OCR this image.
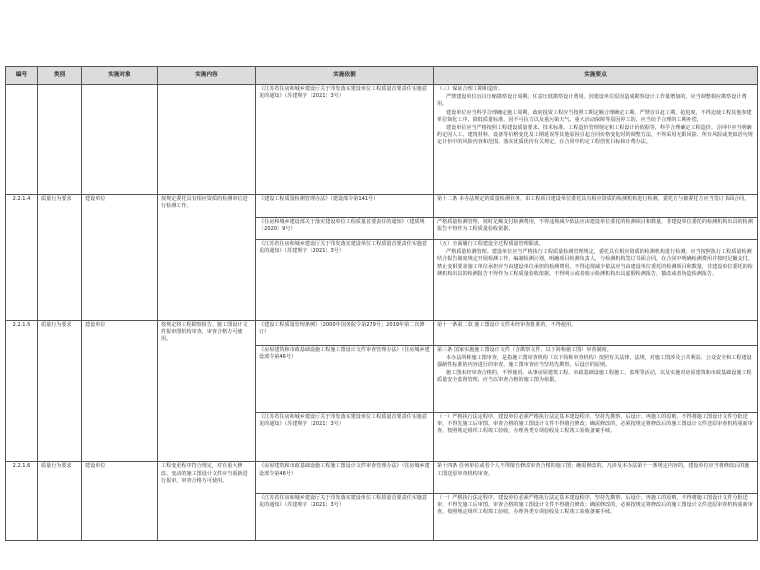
编号	类别	实施对象	实施内容	实施依据	实施要点

				《江苏省住房和城乡建设厅关于印发落实建设单位工程质量首要责任实施意见的通知》（苏建规字〔2021〕3号）	（三）保证合理工期和造价。
严禁建设单位盲目压缩勘察设计周期、任意压低勘察设计费用。因建设单位原因造成勘察设计工作量增加的，应当调整相应勘察设计费用。
建设单位应当科学合理确定施工周期，政府投资工程应当按照工期定额合理确定工期。严禁盲目赶工期、抢进度，不得迫使工程其他参建单位简化工序、降低质量标准。因不可抗力以及重污染天气、重大活动保障等原因停工的，应当给予合理的工期补偿。
建设单位应当严格按照工程建设质量要求、技术标准、工程造价管理规定和工程设计价依据等，科学合理确定工程造价。合同中应当明确约定因人工、建筑材料、设备等价格变化及工期延误等其他原因引起合同价格变化时的调整方法，不得采用无限风险、所有风险或类似语句规定计价中的风险内容和范围。落实优质优价有关规定，在合同中约定工程创优目标和计费办法。

2.2.1.4	质量行为要求	建设单位	按规定委托具有相应资质的检测单位进行检测工作。	《建设工程质量检测管理办法》（建设部令第141号）	第十二条 本办法规定的质量检测业务，由工程项目建设单位委托具有相应资质的检测机构进行检测。委托方与被委托方应当签订书面合同。
				《住房和城乡建设部关于落实建设单位工程质量首要责任的通知》（建质规〔2020〕9号）	严格质量检测管理，按时足额支付检测费用，不得违规减少依法应由建设单位委托的检测项目和数量，非建设单位委托的检测机构出具的检测报告不得作为工程质量验收依据。
				《江苏省住房和城乡建设厅关于印发落实建设单位工程质量首要责任实施意见的通知》（苏建规字〔2021〕3号）	（五）全面履行工程建设全过程质量管理职责。
严格质量检测管理。建设单位应当严格执行工程质量检测管理规定，委托具有相应资质的检测机构进行检测。应当按照执行工程质量检测结合报告制度规定开展检测工作，编制检测计划，明确项目检测负责人，与检测机构签订书面合同，在合同中明确检测费用并按时足额支付。禁止变相要求施工单位承担应当由建设单位承担的检测费用，不得违规减少依法应当由建设单位委托的检测项目和数量，非建设单位委托的检测机构出具的检测报告不得作为工程质量验收依据。不得明示或者暗示检测机构出具虚假检测报告，篡改或者伪造检测报告。

2.2.1.5	质量行为要求	建设单位	按规定将工程勘察报告、施工图设计文件报审图机构审查，审查合格方可使用。	《建设工程质量管理条例》（2000年国务院令第279号；2019年第二次修订）	第十一条第二款 施工图设计文件未经审查批准的，不得使用。
				《房屋建筑和市政基础设施工程施工图设计文件审查管理办法》（住房城乡建设部令第46号）	第三条 国家实施施工图设计文件（含勘察文件，以下简称施工图）审查制度。
本办法所称施工图审查，是指施工图审查机构（以下简称审查机构）按照有关法律、法规，对施工图涉及公共利益、公众安全和工程建设强制性标准的内容进行的审查。施工图审查应当坚持先勘察、后设计的原则。
施工图未经审查合格的，不得使用。从事房屋建筑工程、市政基础设施工程施工、监理等活动，以及实施对房屋建筑和市政基础设施工程质量安全监督管理，应当以审查合格的施工图为依据。

				《江苏省住房和城乡建设厅关于印发落实建设单位工程质量首要责任实施意见的通知》（苏建规字〔2021〕3号）	（一）严格执行法定程序。建设单位必须严格执行法定基本建设程序，坚持先勘察、后设计、再施工的原则，不得将施工图设计文件分批送审，不得先施工后审图。审查合格的施工图设计文件不得擅自修改；确需修改的，必须按规定将修改后的施工图设计文件送原审查机构重新审查。按照规定组织工程竣工验收，办理各类专项验收及工程竣工验收备案手续。
2.2.1.6	质量行为要求	建设单位	工程变更程序符合规定，对有重大修改、变动的施工图设计文件应当重新进行报审，审查合格方可使用。	《房屋建筑和市政基础设施工程施工图设计文件审查管理办法》（住房城乡建设部令第46号）	第十四条 任何单位或者个人不得擅自修改审查合格的施工图；确需修改的，凡涉及本办法第十一条规定内容的，建设单位应当将修改后的施工图送原审查机构审查。
				《江苏省住房和城乡建设厅关于印发落实建设单位工程质量首要责任实施意见的通知》（苏建规字〔2021〕3号）	（一）严格执行法定程序。建设单位必须严格执行法定基本建设程序，坚持先勘察、后设计、再施工的原则，不得将施工图设计文件分批送审，不得先施工后审图。审查合格的施工图设计文件不得擅自修改；确需修改的，必须按规定将修改后的施工图设计文件送原审查机构重新审查。按照规定组织工程竣工验收，办理各类专项验收及工程竣工验收备案手续。
